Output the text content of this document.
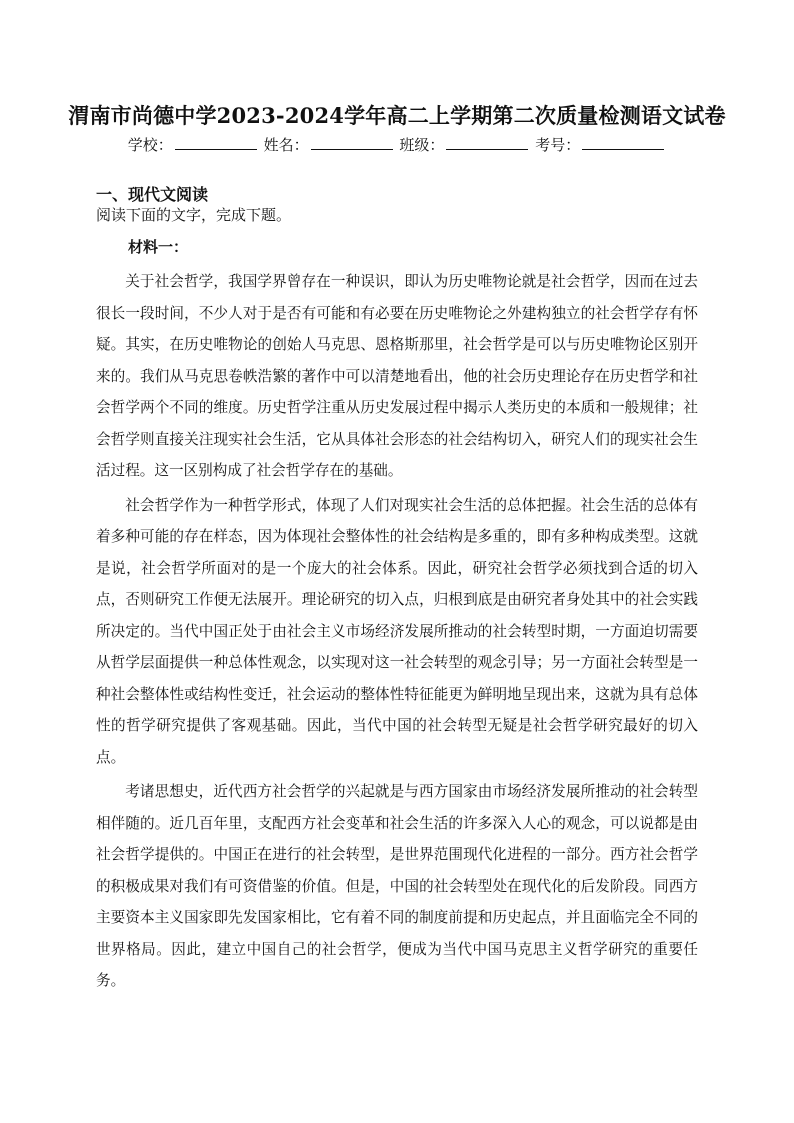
渭南市尚德中学2023-2024学年高二上学期第二次质量检测语文试卷
学校：	姓名：	班级：	考号：
一、现代文阅读
阅读下面的文字，完成下题。
材料一：

关于社会哲学，我国学界曾存在一种误识，即认为历史唯物论就是社会哲学，因而在过去很长一段时间，不少人对于是否有可能和有必要在历史唯物论之外建构独立的社会哲学存有怀疑。其实，在历史唯物论的创始人马克思、恩格斯那里，社会哲学是可以与历史唯物论区别开来的。我们从马克思卷帙浩繁的著作中可以清楚地看出，他的社会历史理论存在历史哲学和社会哲学两个不同的维度。历史哲学注重从历史发展过程中揭示人类历史的本质和一般规律；社会哲学则直接关注现实社会生活，它从具体社会形态的社会结构切入，研究人们的现实社会生活过程。这一区别构成了社会哲学存在的基础。

社会哲学作为一种哲学形式，体现了人们对现实社会生活的总体把握。社会生活的总体有着多种可能的存在样态，因为体现社会整体性的社会结构是多重的，即有多种构成类型。这就是说，社会哲学所面对的是一个庞大的社会体系。因此，研究社会哲学必须找到合适的切入点，否则研究工作便无法展开。理论研究的切入点，归根到底是由研究者身处其中的社会实践所决定的。当代中国正处于由社会主义市场经济发展所推动的社会转型时期，一方面迫切需要从哲学层面提供一种总体性观念，以实现对这一社会转型的观念引导；另一方面社会转型是一种社会整体性或结构性变迁，社会运动的整体性特征能更为鲜明地呈现出来，这就为具有总体性的哲学研究提供了客观基础。因此，当代中国的社会转型无疑是社会哲学研究最好的切入点。

考诸思想史，近代西方社会哲学的兴起就是与西方国家由市场经济发展所推动的社会转型相伴随的。近几百年里，支配西方社会变革和社会生活的许多深入人心的观念，可以说都是由社会哲学提供的。中国正在进行的社会转型，是世界范围现代化进程的一部分。西方社会哲学的积极成果对我们有可资借鉴的价值。但是，中国的社会转型处在现代化的后发阶段。同西方主要资本主义国家即先发国家相比，它有着不同的制度前提和历史起点，并且面临完全不同的世界格局。因此，建立中国自己的社会哲学，便成为当代中国马克思主义哲学研究的重要任务。
